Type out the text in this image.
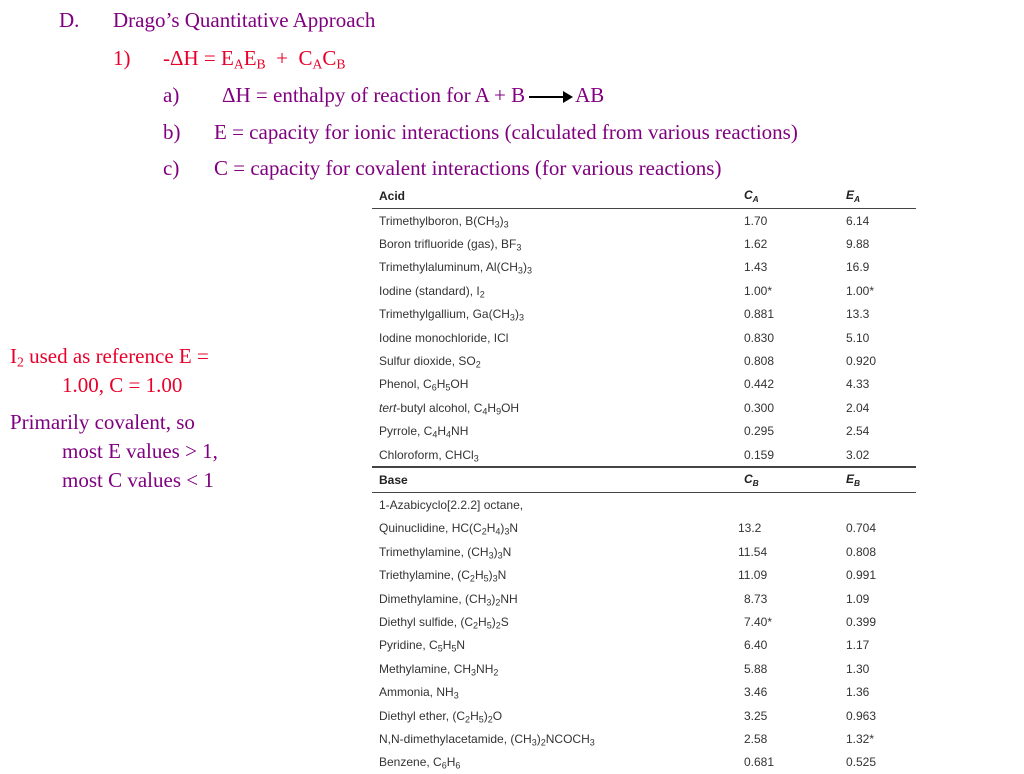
D. Drago’s Quantitative Approach
1) $-\Delta H = E_AE_B + C_AC_B$
a) ΔH = enthalpy of reaction for A + B AB
b) E = capacity for ionic interactions (calculated from various reactions)
c) C = capacity for covalent interactions (for various reactions)
$I_2$ used as reference E =
1.00, C = 1.00
Primarily covalent, so
most E values > 1,
most C values < 1
Acid	$C_A$	$E_A$
Trimethylboron, $B(CH_3)_3$	1.70	6.14
Boron trifluoride (gas), $BF_3$	1.62	9.88
Trimethylaluminum, $Al(CH_3)_3$	1.43	16.9
Iodine (standard), $I_2$	1.00*	1.00*
Trimethylgallium, $Ga(CH_3)_3$	0.881	13.3
Iodine monochloride, ICl	0.830	5.10
Sulfur dioxide, $SO_2$	0.808	0.920
Phenol, $C_6H_5OH$	0.442	4.33
tert-butyl alcohol, $C_4H_9OH$	0.300	2.04
Pyrrole, $C_4H_4NH$	0.295	2.54
Chloroform, CHCl$_3$	0.159	3.02
Base	$C_B$	$E_B$
1-Azabicyclo[2.2.2] octane,
Quinuclidine, $HC(C_2H_4)_3N$	13.2	0.704
Trimethylamine, $(CH_3)_3N$	11.54	0.808
Triethylamine, $(C_2H_5)_3N$	11.09	0.991
Dimethylamine, $(CH_3)_2NH$	8.73	1.09
Diethyl sulfide, $(C_2H_5)_2S$	7.40*	0.399
Pyridine, $C_5H_5N$	6.40	1.17
Methylamine, $CH_3NH_2$	5.88	1.30
Ammonia, $NH_3$	3.46	1.36
Diethyl ether, $(C_2H_5)_2O$	3.25	0.963
N,N-dimethylacetamide, $(CH_3)_2NCOCH_3$	2.58	1.32*
Benzene, $C_6H_6$	0.681	0.525
